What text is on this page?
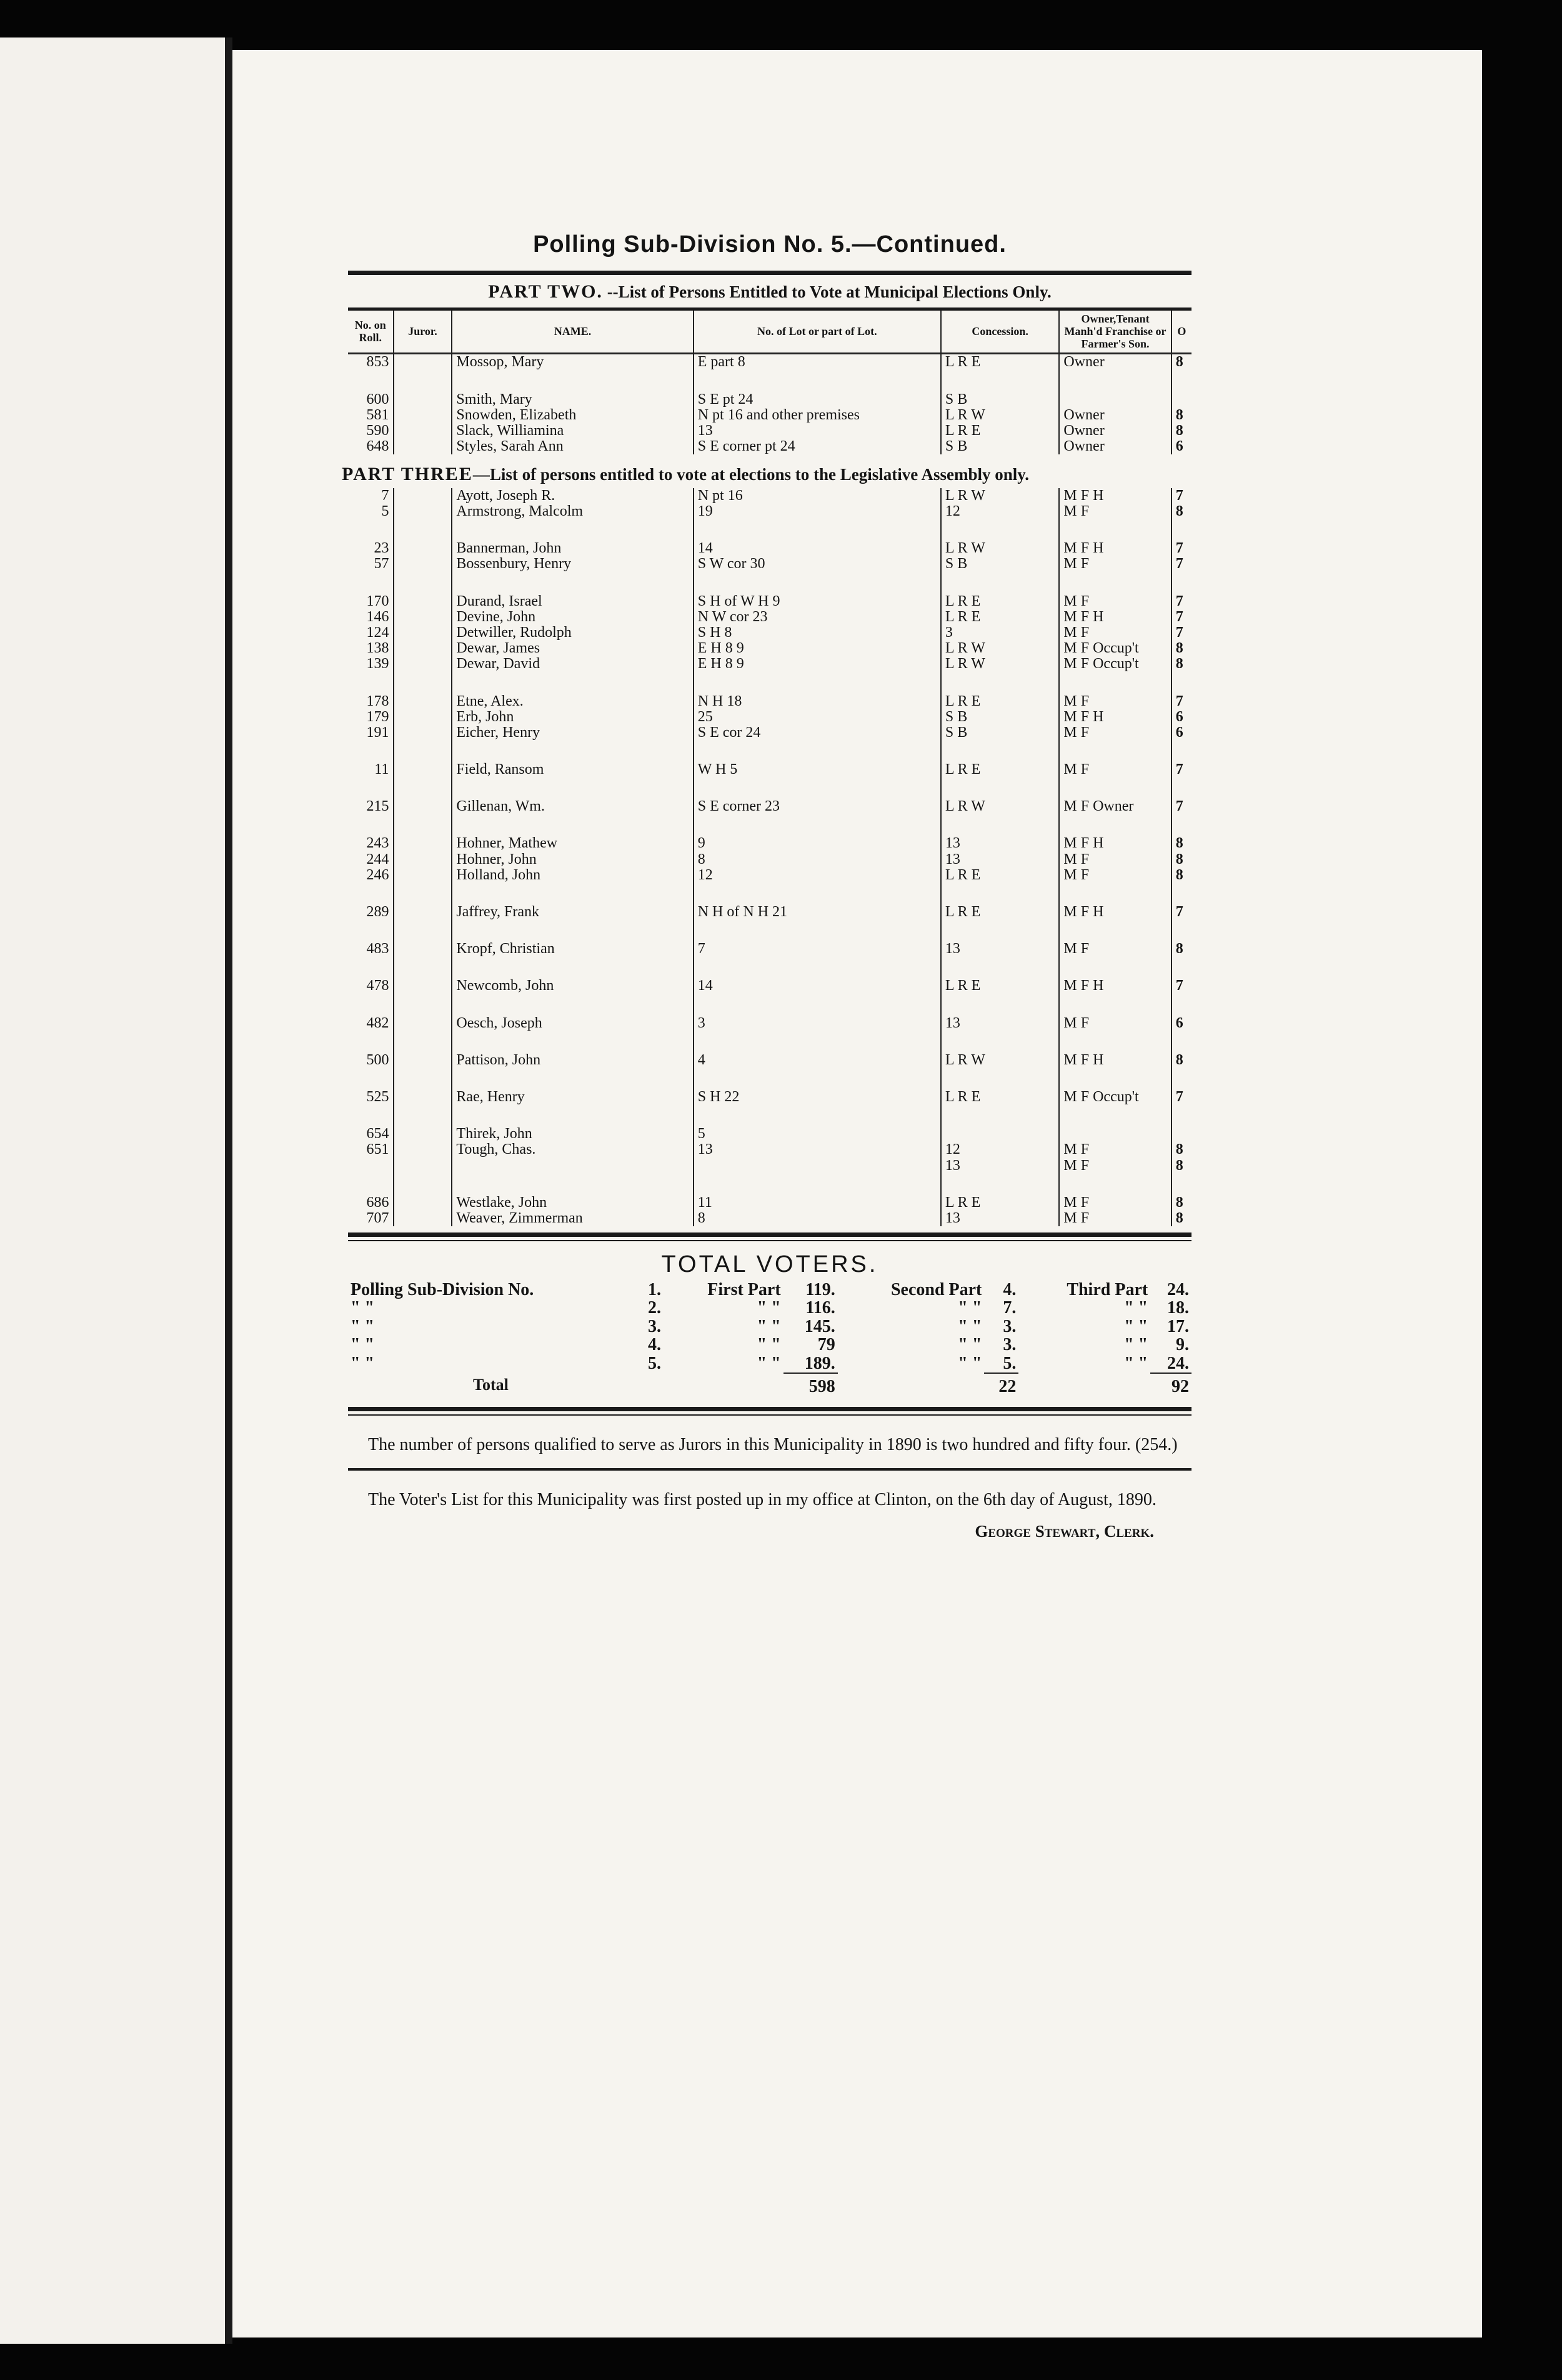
Polling Sub-Division No. 5.—Continued.
PART TWO. --List of Persons Entitled to Vote at Municipal Elections Only.
No. on Roll.	Juror.	NAME.	No. of Lot or part of Lot.	Concession.	Owner,Tenant Manh'd Franchise or Farmer's Son.	O
853		Mossop, Mary	E part 8	L R E	Owner	8

600		Smith, Mary	S E pt 24	S B		
581		Snowden, Elizabeth	N pt 16 and other premises	L R W	Owner	8
590		Slack, Williamina	13	L R E	Owner	8
648		Styles, Sarah Ann	S E corner pt 24	S B	Owner	6

PART THREE—List of persons entitled to vote at elections to the Legislative Assembly only.						

7		Ayott, Joseph R.	N pt 16	L R W	M F H	7
5		Armstrong, Malcolm	19	12	M F	8

23		Bannerman, John	14	L R W	M F H	7
57		Bossenbury, Henry	S W cor 30	S B	M F	7

170		Durand, Israel	S H of W H 9	L R E	M F	7
146		Devine, John	N W cor 23	L R E	M F H	7
124		Detwiller, Rudolph	S H 8	3	M F	7
138		Dewar, James	E H 8 9	L R W	M F Occup't	8
139		Dewar, David	E H 8 9	L R W	M F Occup't	8

178		Etne, Alex.	N H 18	L R E	M F	7
179		Erb, John	25	S B	M F H	6
191		Eicher, Henry	S E cor 24	S B	M F	6

11		Field, Ransom	W H 5	L R E	M F	7

215		Gillenan, Wm.	S E corner 23	L R W	M F Owner	7

243		Hohner, Mathew	9	13	M F H	8
244		Hohner, John	8	13	M F	8
246		Holland, John	12	L R E	M F	8

289		Jaffrey, Frank	N H of N H 21	L R E	M F H	7

483		Kropf, Christian	7	13	M F	8

478		Newcomb, John	14	L R E	M F H	7

482		Oesch, Joseph	3	13	M F	6

500		Pattison, John	4	L R W	M F H	8

525		Rae, Henry	S H 22	L R E	M F Occup't	7

654		Thirek, John	5			
651		Tough, Chas.	13	12	M F	8
				13	M F	8

686		Westlake, John	11	L R E	M F	8
707		Weaver, Zimmerman	8	13	M F	8
TOTAL VOTERS.
Polling Sub-Division No.	1.	First Part	119.	Second Part	4.	Third Part	24.
" "	2.	" "	116.	" "	7.	" "	18.
" "	3.	" "	145.	" "	3.	" "	17.
" "	4.	" "	79	" "	3.	" "	9.
" "	5.	" "	189.	" "	5.	" "	24.
Total			598		22		92
The number of persons qualified to serve as Jurors in this Municipality in 1890 is two hundred and fifty four. (254.)
The Voter's List for this Municipality was first posted up in my office at Clinton, on the 6th day of August, 1890.
George Stewart, Clerk.
